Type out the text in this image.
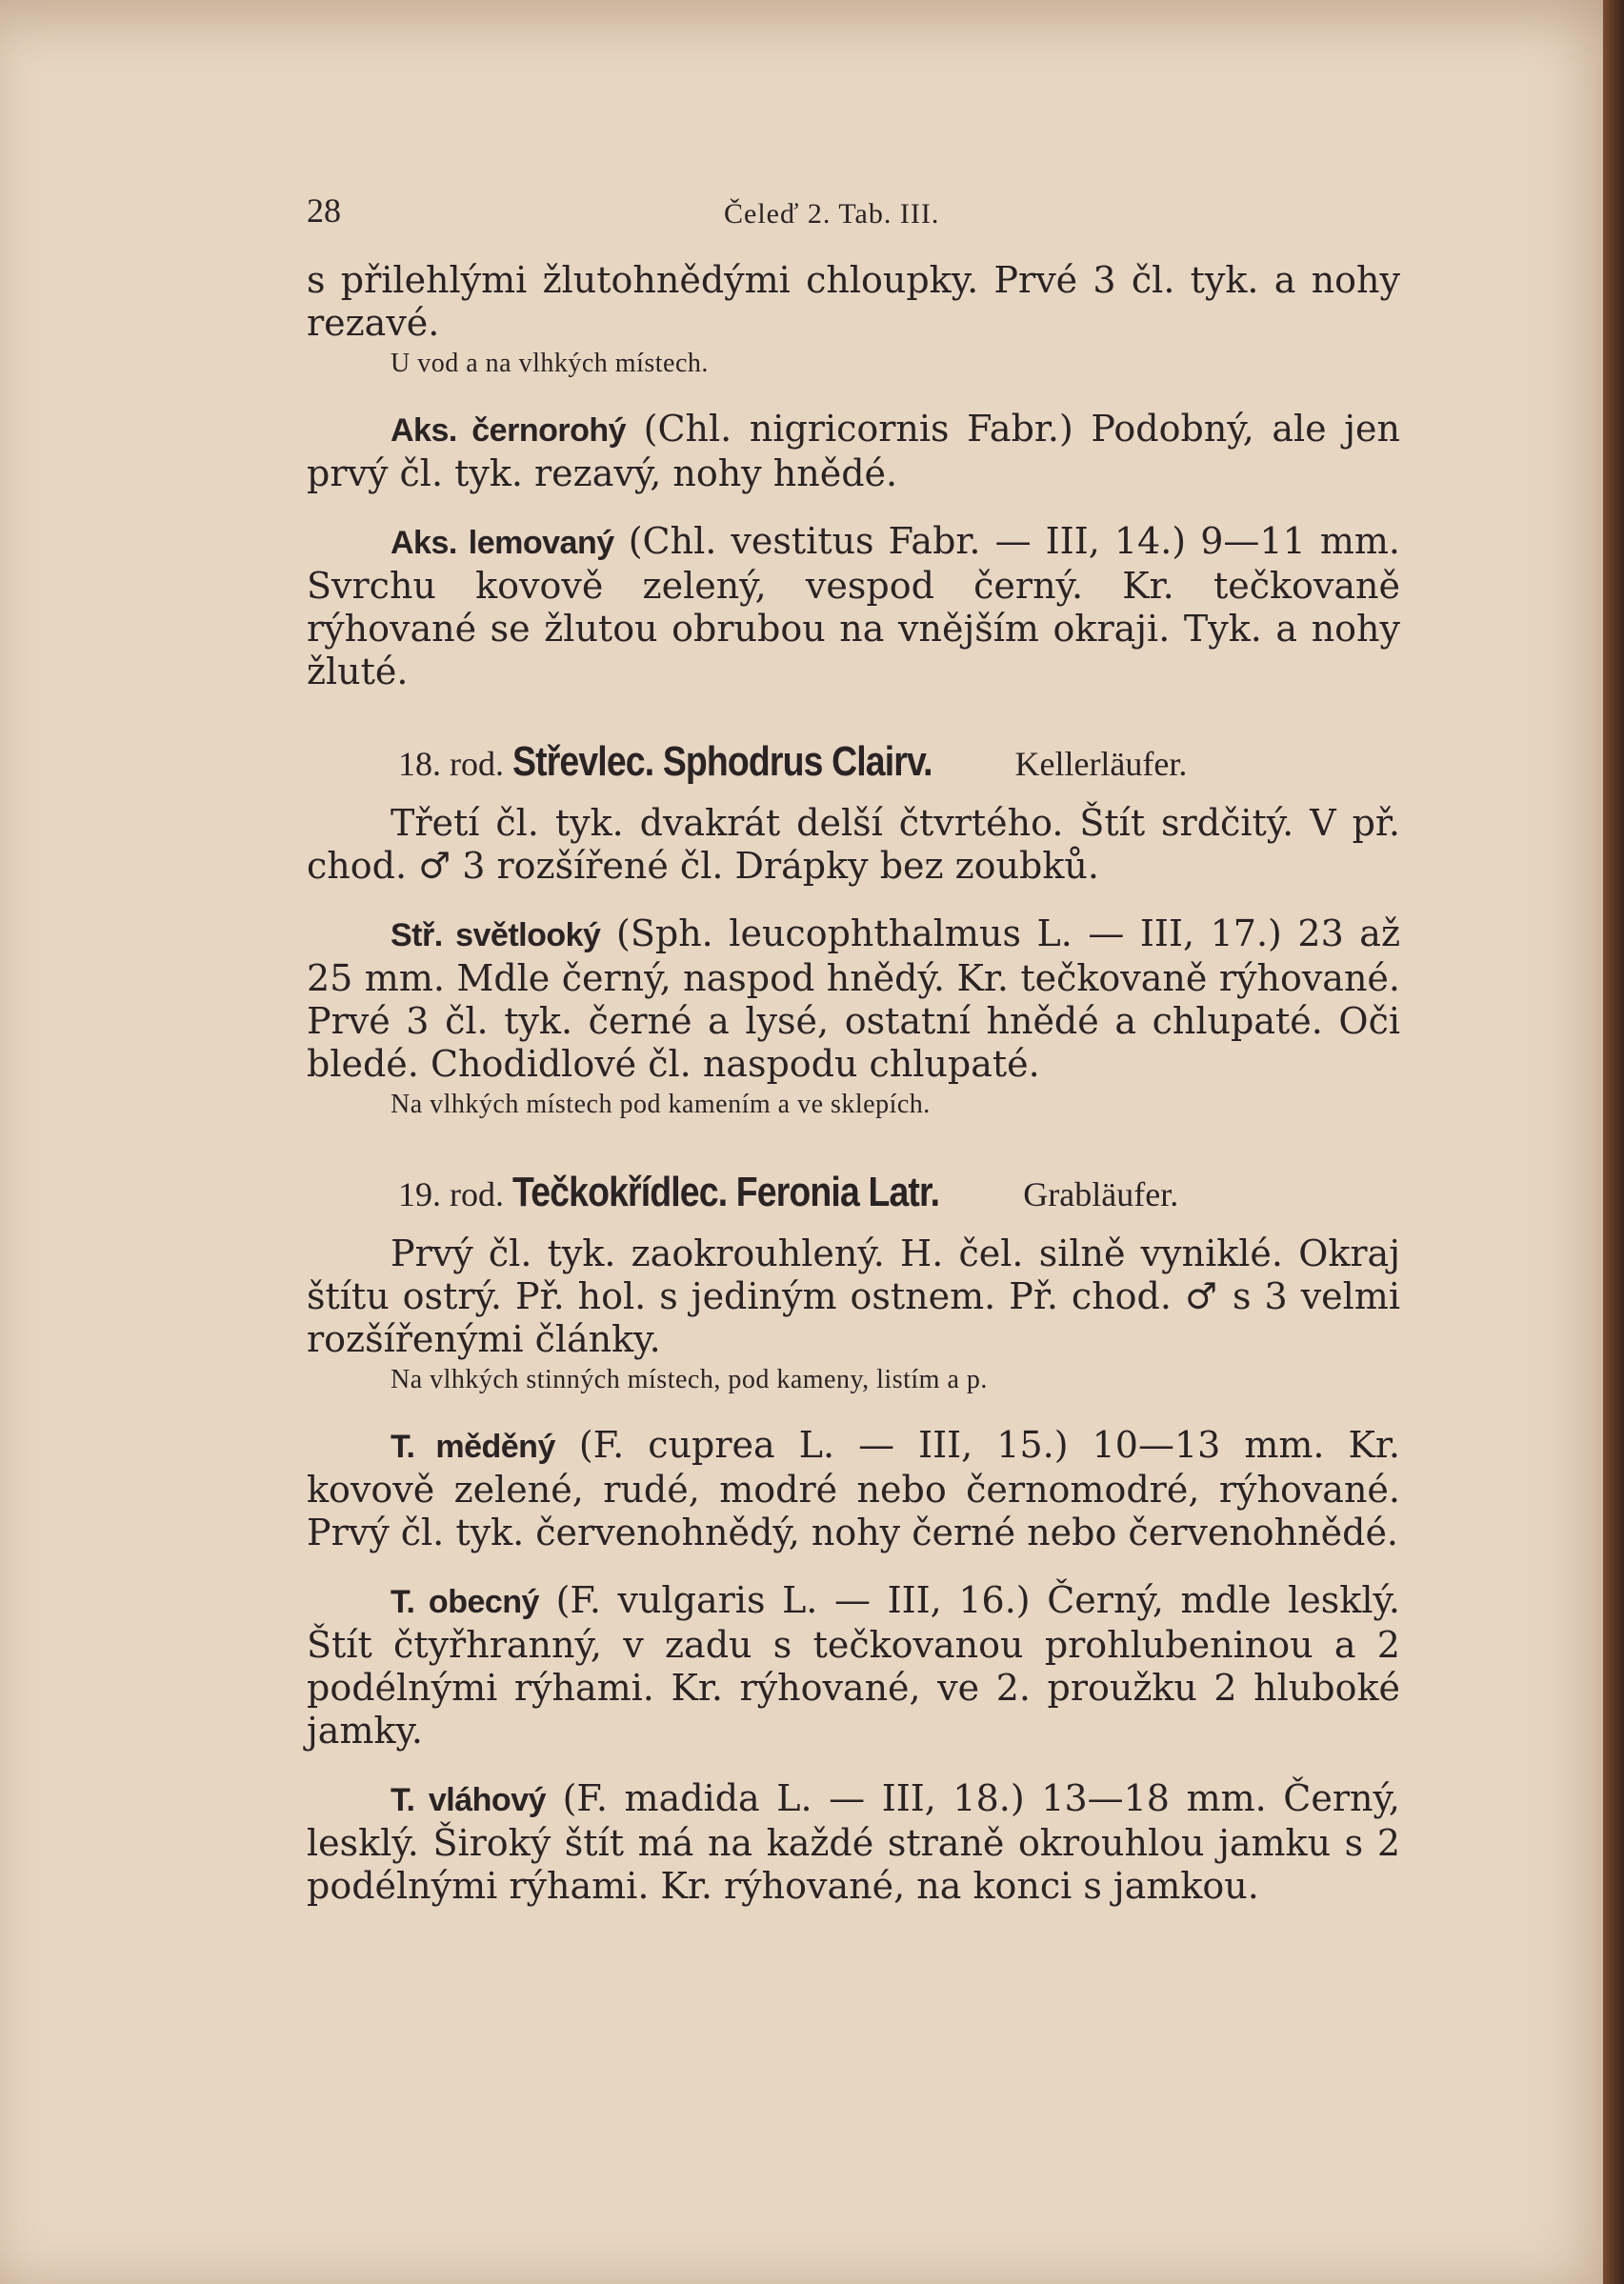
28	Čeleď 2. Tab. III.

s přilehlými žlutohnědými chloupky. Prvé 3 čl. tyk. a nohy rezavé.

U vod a na vlhkých místech.

Aks. černorohý (Chl. nigricornis Fabr.) Podobný, ale jen prvý čl. tyk. rezavý, nohy hnědé.

Aks. lemovaný (Chl. vestitus Fabr. — III, 14.) 9—11 mm. Svrchu kovově zelený, vespod černý. Kr. tečkovaně rýhované se žlutou obrubou na vnějším okraji. Tyk. a nohy žluté.

18. rod. Střevlec. Sphodrus Clairv. Kellerläufer.

Třetí čl. tyk. dvakrát delší čtvrtého. Štít srdčitý. V př. chod. ♂ 3 rozšířené čl. Drápky bez zoubků.

Stř. světlooký (Sph. leucophthalmus L. — III, 17.) 23 až 25 mm. Mdle černý, naspod hnědý. Kr. tečkovaně rýhované. Prvé 3 čl. tyk. černé a lysé, ostatní hnědé a chlupaté. Oči bledé. Chodidlové čl. naspodu chlupaté.

Na vlhkých místech pod kamením a ve sklepích.

19. rod. Tečkokřídlec. Feronia Latr. Grabläufer.

Prvý čl. tyk. zaokrouhlený. H. čel. silně vyniklé. Okraj štítu ostrý. Př. hol. s jediným ostnem. Př. chod. ♂ s 3 velmi rozšířenými články.

Na vlhkých stinných místech, pod kameny, listím a p.

T. měděný (F. cuprea L. — III, 15.) 10—13 mm. Kr. kovově zelené, rudé, modré nebo černomodré, rýhované. Prvý čl. tyk. červenohnědý, nohy černé nebo červenohnědé.

T. obecný (F. vulgaris L. — III, 16.) Černý, mdle lesklý. Štít čtyřhranný, v zadu s tečkovanou prohlubeninou a 2 podélnými rýhami. Kr. rýhované, ve 2. proužku 2 hluboké jamky.

T. vláhový (F. madida L. — III, 18.) 13—18 mm. Černý, lesklý. Široký štít má na každé straně okrouhlou jamku s 2 podélnými rýhami. Kr. rýhované, na konci s jamkou.
